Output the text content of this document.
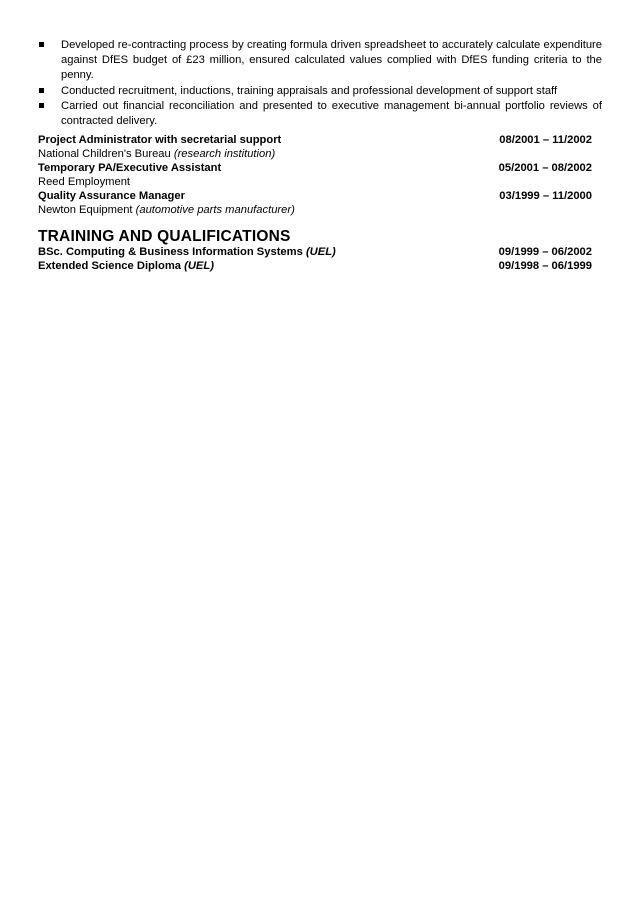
Developed re-contracting process by creating formula driven spreadsheet to accurately calculate expenditure against DfES budget of £23 million, ensured calculated values complied with DfES funding criteria to the penny.
Conducted recruitment, inductions, training appraisals and professional development of support staff
Carried out financial reconciliation and presented to executive management bi-annual portfolio reviews of contracted delivery.
Project Administrator with secretarial support	08/2001 – 11/2002
National Children's Bureau (research institution)
Temporary PA/Executive Assistant	05/2001 – 08/2002
Reed Employment
Quality Assurance Manager	03/1999 – 11/2000
Newton Equipment (automotive parts manufacturer)
TRAINING AND QUALIFICATIONS
BSc. Computing & Business Information Systems (UEL)	09/1999 – 06/2002
Extended Science Diploma (UEL)	09/1998 – 06/1999
